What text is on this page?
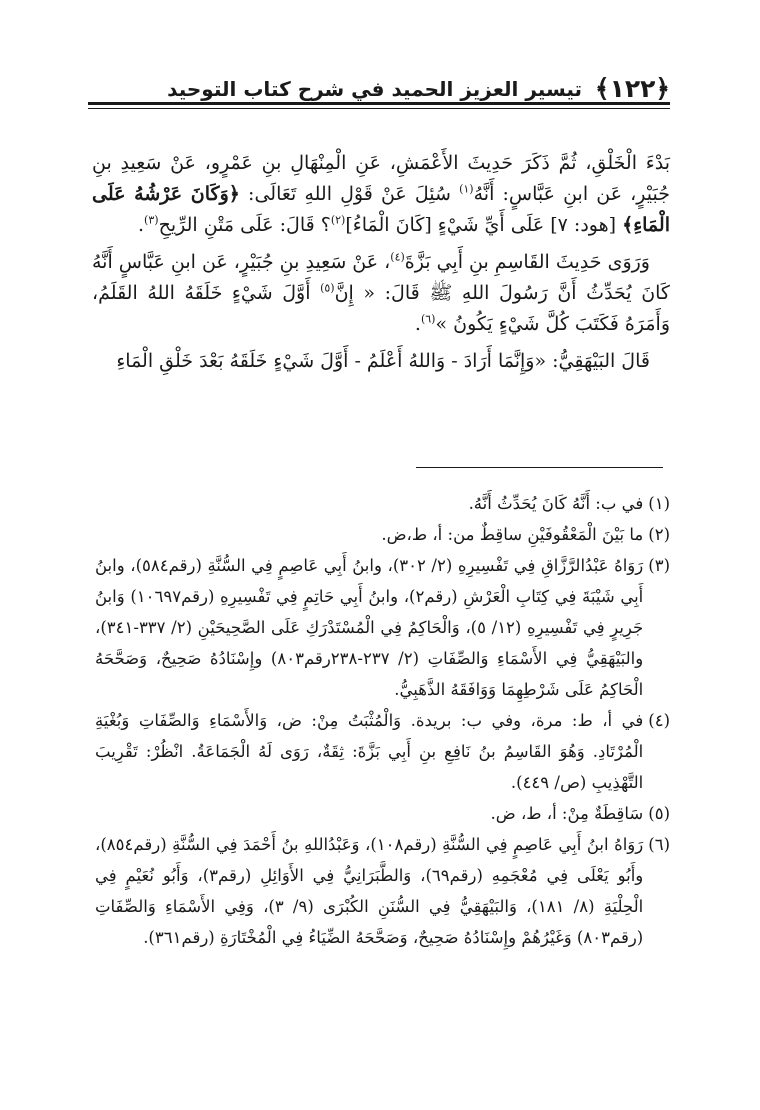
﴿١٢٢﴾
تيسير العزيز الحميد في شرح كتاب التوحيد

بَدْءَ الْخَلْقِ، ثُمَّ ذَكَرَ حَدِيثَ الأَعْمَشِ، عَنِ الْمِنْهَالِ بنِ عَمْرٍو، عَنْ سَعِيدِ بنِ جُبَيْرٍ، عَن ابنِ عَبَّاسٍ: أَنَّهُ$^{(١)}$ سُئِلَ عَنْ قَوْلِ اللهِ تَعَالَى: ﴿وَكَانَ عَرْشُهُ عَلَى الْمَاءِ﴾ [هود: ٧] عَلَى أَيِّ شَيْءٍ [كَانَ الْمَاءُ]$^{(٢)}$؟ قَالَ: عَلَى مَتْنِ الرِّيحِ$^{(٣)}$.

وَرَوَى حَدِيثَ القَاسِمِ بنِ أَبِي بَزَّةَ$^{(٤)}$، عَنْ سَعِيدِ بنِ جُبَيْرٍ، عَن ابنِ عَبَّاسٍ أَنَّهُ كَانَ يُحَدِّثُ أَنَّ رَسُولَ اللهِ ﷺ قَالَ: « إِنَّ$^{(٥)}$ أَوَّلَ شَيْءٍ خَلَقَهُ اللهُ القَلَمُ، وَأَمَرَهُ فَكَتَبَ كُلَّ شَيْءٍ يَكُونُ »$^{(٦)}$.

قَالَ البَيْهَقِيُّ: «وَإِنَّمَا أَرَادَ - وَاللهُ أَعْلَمُ - أَوَّلَ شَيْءٍ خَلَقَهُ بَعْدَ خَلْقِ الْمَاءِ

(١)
في ب: أَنَّهُ كَانَ يُحَدِّثُ أَنَّهُ.
(٢)
ما بَيْنَ الْمَعْقُوفَيْنِ ساقِطٌ من: أ، ط،ض.
(٣)
رَوَاهُ عَبْدُالرَّزَّاقِ فِي تَفْسِيرِهِ (٢/ ٣٠٢)، وابنُ أَبِي عَاصِمٍ فِي السُّنَّةِ (رقم٥٨٤)، وابنُ أَبِي شَيْبَةَ فِي كِتَابِ الْعَرْشِ (رقم٢)، وابنُ أَبِي حَاتِمٍ فِي تَفْسِيرِهِ (رقم١٠٦٩٧) وَابنُ جَرِيرٍ فِي تَفْسِيرِهِ (١٢/ ٥)، وَالْحَاكِمُ فِي الْمُسْتَدْرَكِ عَلَى الصَّحِيحَيْنِ (٢/ ٣٣٧-٣٤١)، والبَيْهَقِيُّ فِي الأَسْمَاءِ وَالصِّفَاتِ (٢/ ٢٣٧-٢٣٨رقم٨٠٣) وإِسْنَادُهُ صَحِيحٌ، وَصَحَّحَهُ الْحَاكِمُ عَلَى شَرْطِهِمَا وَوَافَقَهُ الذَّهَبِيُّ.
(٤)
في أ، ط: مرة، وفي ب: بريدة. وَالْمُثْبَتُ مِنْ: ض، وَالأَسْمَاءِ وَالصِّفَاتِ وَبُغْيَةِ الْمُرْتَادِ. وَهُوَ القَاسِمُ بنُ نَافِعِ بنِ أَبِي بَزَّةَ: ثِقَةٌ، رَوَى لَهُ الْجَمَاعَةُ. انْظُرْ: تَقْرِيبَ التَّهْذِيبِ (ص/ ٤٤٩).
(٥)
سَاقِطَةٌ مِنْ: أ، ط، ض.
(٦)
رَوَاهُ ابنُ أَبِي عَاصِمٍ فِي السُّنَّةِ (رقم١٠٨)، وَعَبْدُاللهِ بنُ أَحْمَدَ فِي السُّنَّةِ (رقم٨٥٤)، وأَبُو يَعْلَى فِي مُعْجَمِهِ (رقم٦٩)، وَالطَّبَرَانِيُّ فِي الأَوَائِلِ (رقم٣)، وَأَبُو نُعَيْمٍ فِي الْحِلْيَةِ (٨/ ١٨١)، وَالبَيْهَقِيُّ فِي السُّنَنِ الكُبْرَى (٩/ ٣)، وَفِي الأَسْمَاءِ وَالصِّفَاتِ (رقم٨٠٣) وَغَيْرُهُمْ وإِسْنَادُهُ صَحِيحٌ، وَصَحَّحَهُ الضِّيَاءُ فِي الْمُخْتَارَةِ (رقم٣٦١).
